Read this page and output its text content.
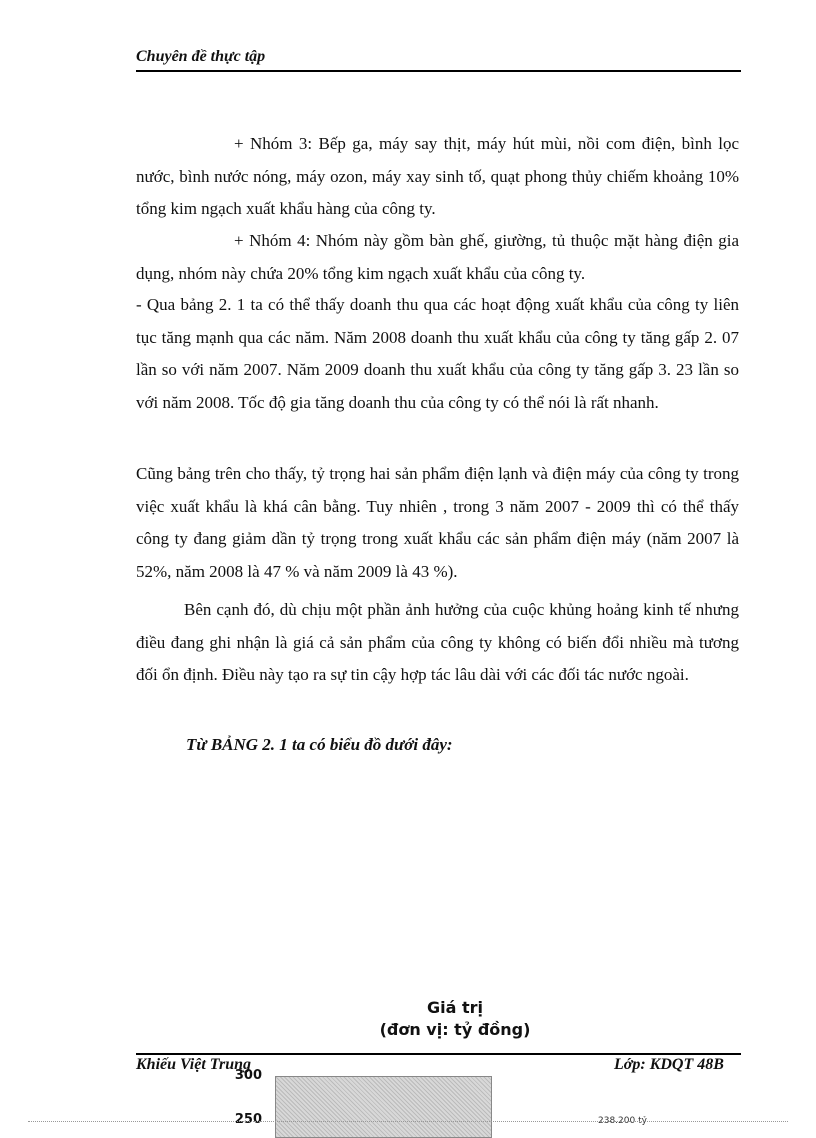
Chuyên đề thực tập

+ Nhóm 3: Bếp ga, máy say thịt, máy hút mùi, nồi com điện, bình lọc nước, bình nước nóng, máy ozon, máy xay sinh tố, quạt phong thủy chiếm khoảng 10% tổng kim ngạch xuất khẩu hàng của công ty.

+ Nhóm 4: Nhóm này gồm bàn ghế, giường, tủ thuộc mặt hàng điện gia dụng, nhóm này chứa 20% tổng kim ngạch xuất khẩu của công ty.

- Qua bảng 2. 1 ta có thể thấy doanh thu qua các hoạt động xuất khẩu của công ty liên tục tăng mạnh qua các năm. Năm 2008 doanh thu xuất khẩu của công ty tăng gấp 2. 07 lần so với năm 2007. Năm 2009 doanh thu xuất khẩu của công ty tăng gấp 3. 23 lần so với năm 2008. Tốc độ gia tăng doanh thu của công ty có thể nói là rất nhanh.

Cũng bảng trên cho thấy, tỷ trọng hai sản phẩm điện lạnh và điện máy của công ty trong việc xuất khẩu là khá cân bằng. Tuy nhiên , trong 3 năm 2007 - 2009 thì có thể thấy công ty đang giảm dần tỷ trọng trong xuất khẩu các sản phẩm điện máy (năm 2007 là 52%, năm 2008 là 47 % và năm 2009 là 43 %).

Bên cạnh đó, dù chịu một phần ảnh hưởng của cuộc khủng hoảng kinh tế nhưng điều đang ghi nhận là giá cả sản phẩm của công ty không có biến đổi nhiều mà tương đối ổn định. Điều này tạo ra sự tin cậy hợp tác lâu dài với các đối tác nước ngoài.

Từ BẢNG 2. 1 ta có biểu đồ dưới đây:
Giá trị
(đơn vị: tỷ đồng)
300
250	238.200 tỷ
Khiếu Việt Trung	Lớp: KDQT 48B
